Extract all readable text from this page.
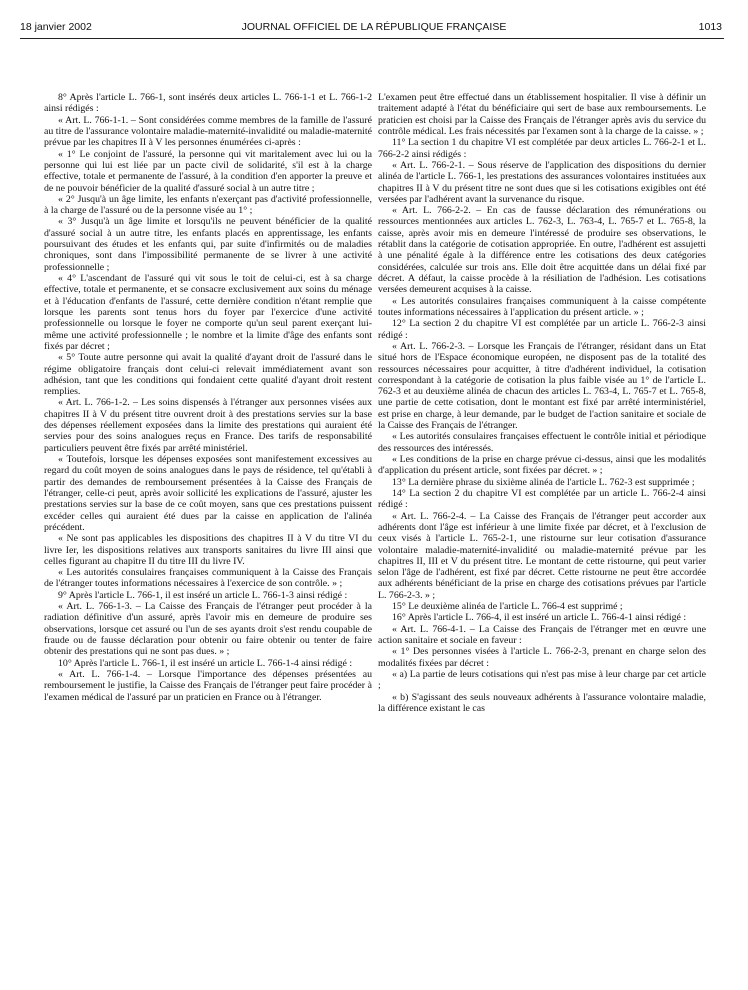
18 janvier 2002	JOURNAL OFFICIEL DE LA RÉPUBLIQUE FRANÇAISE	1013

8° Après l'article L. 766-1, sont insérés deux articles L. 766-1-1 et L. 766-1-2 ainsi rédigés :

« Art. L. 766-1-1. – Sont considérées comme membres de la famille de l'assuré au titre de l'assurance volontaire maladie-maternité-invalidité ou maladie-maternité prévue par les chapitres II à V les personnes énumérées ci-après :

« 1° Le conjoint de l'assuré, la personne qui vit maritalement avec lui ou la personne qui lui est liée par un pacte civil de solidarité, s'il est à la charge effective, totale et permanente de l'assuré, à la condition d'en apporter la preuve et de ne pouvoir bénéficier de la qualité d'assuré social à un autre titre ;

« 2° Jusqu'à un âge limite, les enfants n'exerçant pas d'activité professionnelle, à la charge de l'assuré ou de la personne visée au 1° ;

« 3° Jusqu'à un âge limite et lorsqu'ils ne peuvent bénéficier de la qualité d'assuré social à un autre titre, les enfants placés en apprentissage, les enfants poursuivant des études et les enfants qui, par suite d'infirmités ou de maladies chroniques, sont dans l'impossibilité permanente de se livrer à une activité professionnelle ;

« 4° L'ascendant de l'assuré qui vit sous le toit de celui-ci, est à sa charge effective, totale et permanente, et se consacre exclusivement aux soins du ménage et à l'éducation d'enfants de l'assuré, cette dernière condition n'étant remplie que lorsque les parents sont tenus hors du foyer par l'exercice d'une activité professionnelle ou lorsque le foyer ne comporte qu'un seul parent exerçant lui-même une activité professionnelle ; le nombre et la limite d'âge des enfants sont fixés par décret ;

« 5° Toute autre personne qui avait la qualité d'ayant droit de l'assuré dans le régime obligatoire français dont celui-ci relevait immédiatement avant son adhésion, tant que les conditions qui fondaient cette qualité d'ayant droit restent remplies.

« Art. L. 766-1-2. – Les soins dispensés à l'étranger aux personnes visées aux chapitres II à V du présent titre ouvrent droit à des prestations servies sur la base des dépenses réellement exposées dans la limite des prestations qui auraient été servies pour des soins analogues reçus en France. Des tarifs de responsabilité particuliers peuvent être fixés par arrêté ministériel.

« Toutefois, lorsque les dépenses exposées sont manifestement excessives au regard du coût moyen de soins analogues dans le pays de résidence, tel qu'établi à partir des demandes de remboursement présentées à la Caisse des Français de l'étranger, celle-ci peut, après avoir sollicité les explications de l'assuré, ajuster les prestations servies sur la base de ce coût moyen, sans que ces prestations puissent excéder celles qui auraient été dues par la caisse en application de l'alinéa précédent.

« Ne sont pas applicables les dispositions des chapitres II à V du titre VI du livre Ier, les dispositions relatives aux transports sanitaires du livre III ainsi que celles figurant au chapitre II du titre III du livre IV.

« Les autorités consulaires françaises communiquent à la Caisse des Français de l'étranger toutes informations nécessaires à l'exercice de son contrôle. » ;

9° Après l'article L. 766-1, il est inséré un article L. 766-1-3 ainsi rédigé :

« Art. L. 766-1-3. – La Caisse des Français de l'étranger peut procéder à la radiation définitive d'un assuré, après l'avoir mis en demeure de produire ses observations, lorsque cet assuré ou l'un de ses ayants droit s'est rendu coupable de fraude ou de fausse déclaration pour obtenir ou faire obtenir ou tenter de faire obtenir des prestations qui ne sont pas dues. » ;

10° Après l'article L. 766-1, il est inséré un article L. 766-1-4 ainsi rédigé :

« Art. L. 766-1-4. – Lorsque l'importance des dépenses présentées au remboursement le justifie, la Caisse des Français de l'étranger peut faire procéder à l'examen médical de l'assuré par un praticien en France ou à l'étranger.

L'examen peut être effectué dans un établissement hospitalier. Il vise à définir un traitement adapté à l'état du bénéficiaire qui sert de base aux remboursements. Le praticien est choisi par la Caisse des Français de l'étranger après avis du service du contrôle médical. Les frais nécessités par l'examen sont à la charge de la caisse. » ;

11° La section 1 du chapitre VI est complétée par deux articles L. 766-2-1 et L. 766-2-2 ainsi rédigés :

« Art. L. 766-2-1. – Sous réserve de l'application des dispositions du dernier alinéa de l'article L. 766-1, les prestations des assurances volontaires instituées aux chapitres II à V du présent titre ne sont dues que si les cotisations exigibles ont été versées par l'adhérent avant la survenance du risque.

« Art. L. 766-2-2. – En cas de fausse déclaration des rémunérations ou ressources mentionnées aux articles L. 762-3, L. 763-4, L. 765-7 et L. 765-8, la caisse, après avoir mis en demeure l'intéressé de produire ses observations, le rétablit dans la catégorie de cotisation appropriée. En outre, l'adhérent est assujetti à une pénalité égale à la différence entre les cotisations des deux catégories considérées, calculée sur trois ans. Elle doit être acquittée dans un délai fixé par décret. A défaut, la caisse procède à la résiliation de l'adhésion. Les cotisations versées demeurent acquises à la caisse.

« Les autorités consulaires françaises communiquent à la caisse compétente toutes informations nécessaires à l'application du présent article. » ;

12° La section 2 du chapitre VI est complétée par un article L. 766-2-3 ainsi rédigé :

« Art. L. 766-2-3. – Lorsque les Français de l'étranger, résidant dans un Etat situé hors de l'Espace économique européen, ne disposent pas de la totalité des ressources nécessaires pour acquitter, à titre d'adhérent individuel, la cotisation correspondant à la catégorie de cotisation la plus faible visée au 1° de l'article L. 762-3 et au deuxième alinéa de chacun des articles L. 763-4, L. 765-7 et L. 765-8, une partie de cette cotisation, dont le montant est fixé par arrêté interministériel, est prise en charge, à leur demande, par le budget de l'action sanitaire et sociale de la Caisse des Français de l'étranger.

« Les autorités consulaires françaises effectuent le contrôle initial et périodique des ressources des intéressés.

« Les conditions de la prise en charge prévue ci-dessus, ainsi que les modalités d'application du présent article, sont fixées par décret. » ;

13° La dernière phrase du sixième alinéa de l'article L. 762-3 est supprimée ;

14° La section 2 du chapitre VI est complétée par un article L. 766-2-4 ainsi rédigé :

« Art. L. 766-2-4. – La Caisse des Français de l'étranger peut accorder aux adhérents dont l'âge est inférieur à une limite fixée par décret, et à l'exclusion de ceux visés à l'article L. 765-2-1, une ristourne sur leur cotisation d'assurance volontaire maladie-maternité-invalidité ou maladie-maternité prévue par les chapitres II, III et V du présent titre. Le montant de cette ristourne, qui peut varier selon l'âge de l'adhérent, est fixé par décret. Cette ristourne ne peut être accordée aux adhérents bénéficiant de la prise en charge des cotisations prévues par l'article L. 766-2-3. » ;

15° Le deuxième alinéa de l'article L. 766-4 est supprimé ;

16° Après l'article L. 766-4, il est inséré un article L. 766-4-1 ainsi rédigé :

« Art. L. 766-4-1. – La Caisse des Français de l'étranger met en œuvre une action sanitaire et sociale en faveur :

« 1° Des personnes visées à l'article L. 766-2-3, prenant en charge selon des modalités fixées par décret :

« a) La partie de leurs cotisations qui n'est pas mise à leur charge par cet article ;

« b) S'agissant des seuls nouveaux adhérents à l'assurance volontaire maladie, la différence existant le cas
